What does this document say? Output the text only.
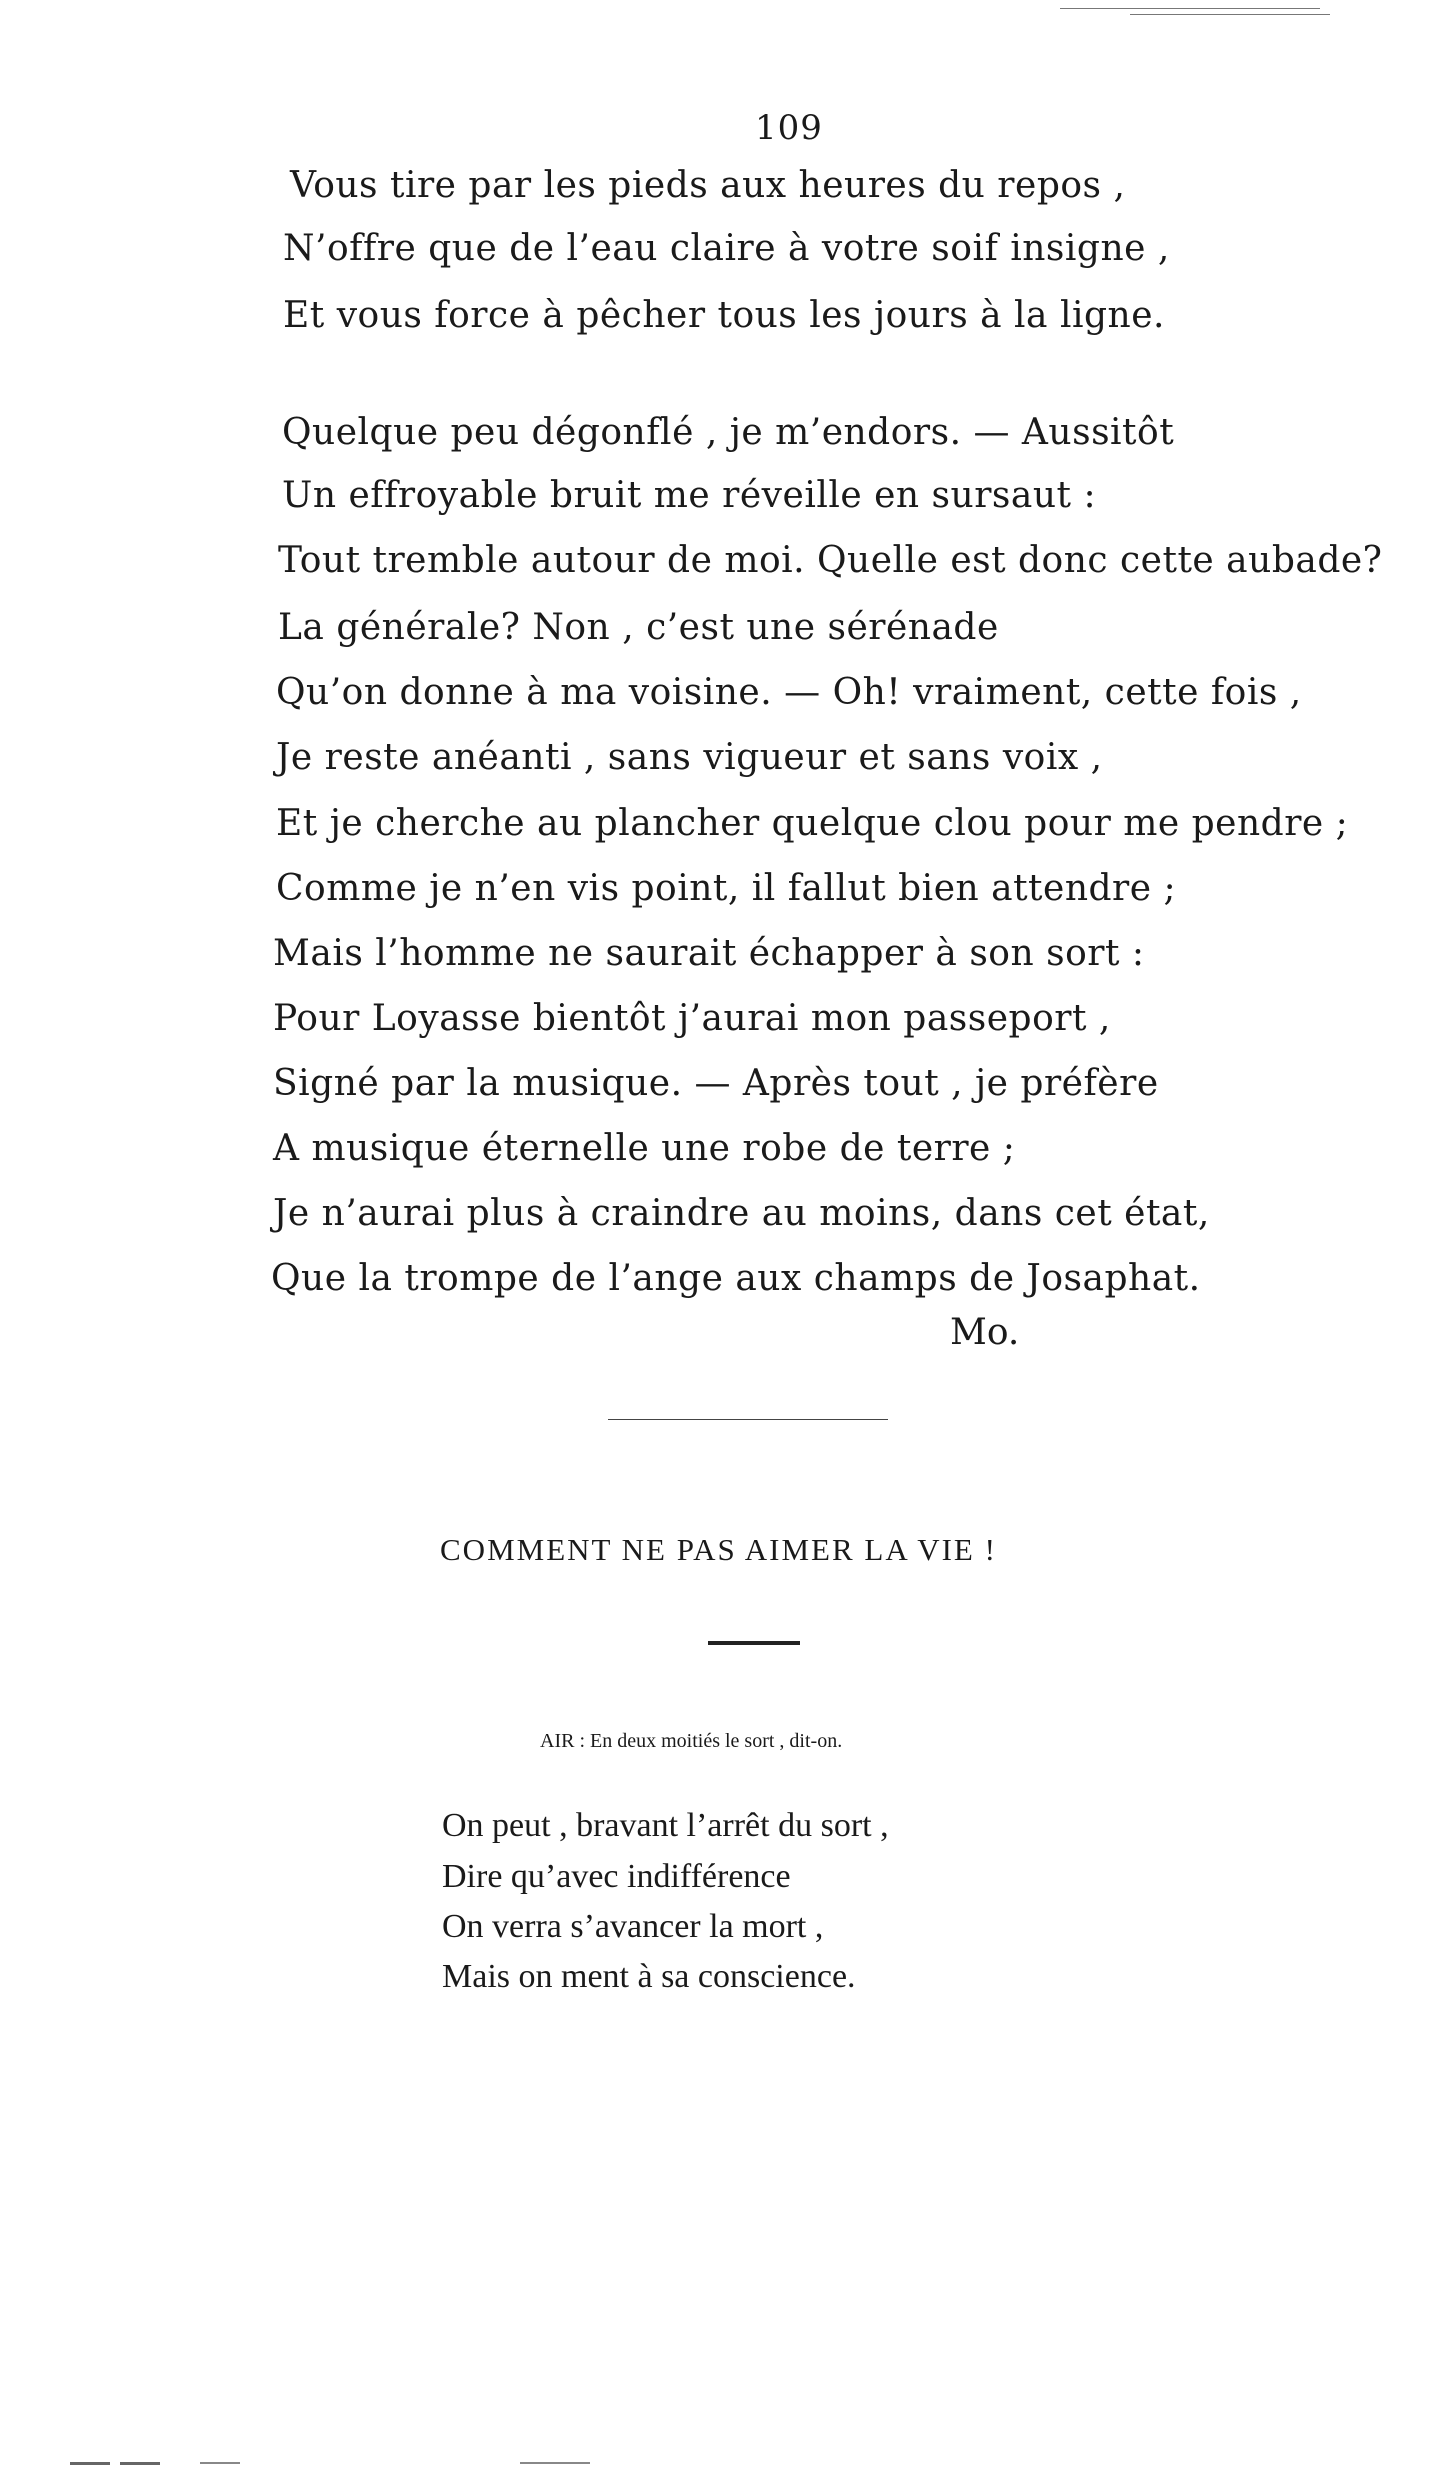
109
Vous tire par les pieds aux heures du repos ,
N’offre que de l’eau claire à votre soif insigne ,
Et vous force à pêcher tous les jours à la ligne.
Quelque peu dégonflé , je m’endors. — Aussitôt
Un effroyable bruit me réveille en sursaut :
Tout tremble autour de moi. Quelle est donc cette aubade?
La générale? Non , c’est une sérénade
Qu’on donne à ma voisine. — Oh! vraiment, cette fois ,
Je reste anéanti , sans vigueur et sans voix ,
Et je cherche au plancher quelque clou pour me pendre ;
Comme je n’en vis point, il fallut bien attendre ;
Mais l’homme ne saurait échapper à son sort :
Pour Loyasse bientôt j’aurai mon passeport ,
Signé par la musique. — Après tout , je préfère
A musique éternelle une robe de terre ;
Je n’aurai plus à craindre au moins, dans cet état,
Que la trompe de l’ange aux champs de Josaphat.
Mo.
COMMENT NE PAS AIMER LA VIE !
AIR : En deux moitiés le sort , dit-on.
On peut , bravant l’arrêt du sort ,
Dire qu’avec indifférence
On verra s’avancer la mort ,
Mais on ment à sa conscience.
